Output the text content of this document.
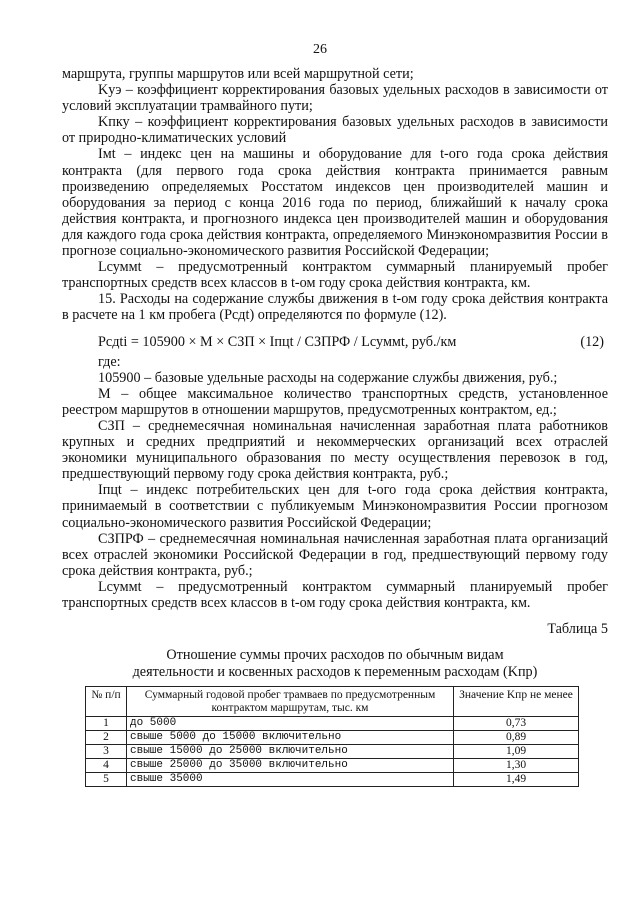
26

маршрута, группы маршрутов или всей маршрутной сети;

Kуэ – коэффициент корректирования базовых удельных расходов в зависимости от условий эксплуатации трамвайного пути;

Kпку – коэффициент корректирования базовых удельных расходов в зависимости от природно-климатических условий

Iмt – индекс цен на машины и оборудование для t-ого года срока действия контракта (для первого года срока действия контракта принимается равным произведению определяемых Росстатом индексов цен производителей машин и оборудования за период с конца 2016 года по период, ближайший к началу срока действия контракта, и прогнозного индекса цен производителей машин и оборудования для каждого года срока действия контракта, определяемого Минэкономразвития России в прогнозе социально-экономического развития Российской Федерации;

Lсуммt – предусмотренный контрактом суммарный планируемый пробег транспортных средств всех классов в t-ом году срока действия контракта, км.

15. Расходы на содержание службы движения в t-ом году срока действия контракта в расчете на 1 км пробега (Рсдt) определяются по формуле (12).

Рсдti = 105900 × М × СЗП × Iпцt / СЗПРФ / Lсуммt, руб./км	(12)

где:

105900 – базовые удельные расходы на содержание службы движения, руб.;

М – общее максимальное количество транспортных средств, установленное реестром маршрутов в отношении маршрутов, предусмотренных контрактом, ед.;

СЗП – среднемесячная номинальная начисленная заработная плата работников крупных и средних предприятий и некоммерческих организаций всех отраслей экономики муниципального образования по месту осуществления перевозок в год, предшествующий первому году срока действия контракта, руб.;

Iпцt – индекс потребительских цен для t-ого года срока действия контракта, принимаемый в соответствии с публикуемым Минэкономразвития России прогнозом социально-экономического развития Российской Федерации;

СЗПРФ – среднемесячная номинальная начисленная заработная плата организаций всех отраслей экономики Российской Федерации в год, предшествующий первому году срока действия контракта, руб.;

Lсуммt – предусмотренный контрактом суммарный планируемый пробег транспортных средств всех классов в t-ом году срока действия контракта, км.

Таблица 5
Отношение суммы прочих расходов по обычным видам
деятельности и косвенных расходов к переменным расходам (Kпр)
№ п/п	Суммарный годовой пробег трамваев по предусмотренным контрактом маршрутам, тыс. км	Значение Kпр не менее
1	до 5000	0,73
2	свыше 5000 до 15000 включительно	0,89
3	свыше 15000 до 25000 включительно	1,09
4	свыше 25000 до 35000 включительно	1,30
5	свыше 35000	1,49
